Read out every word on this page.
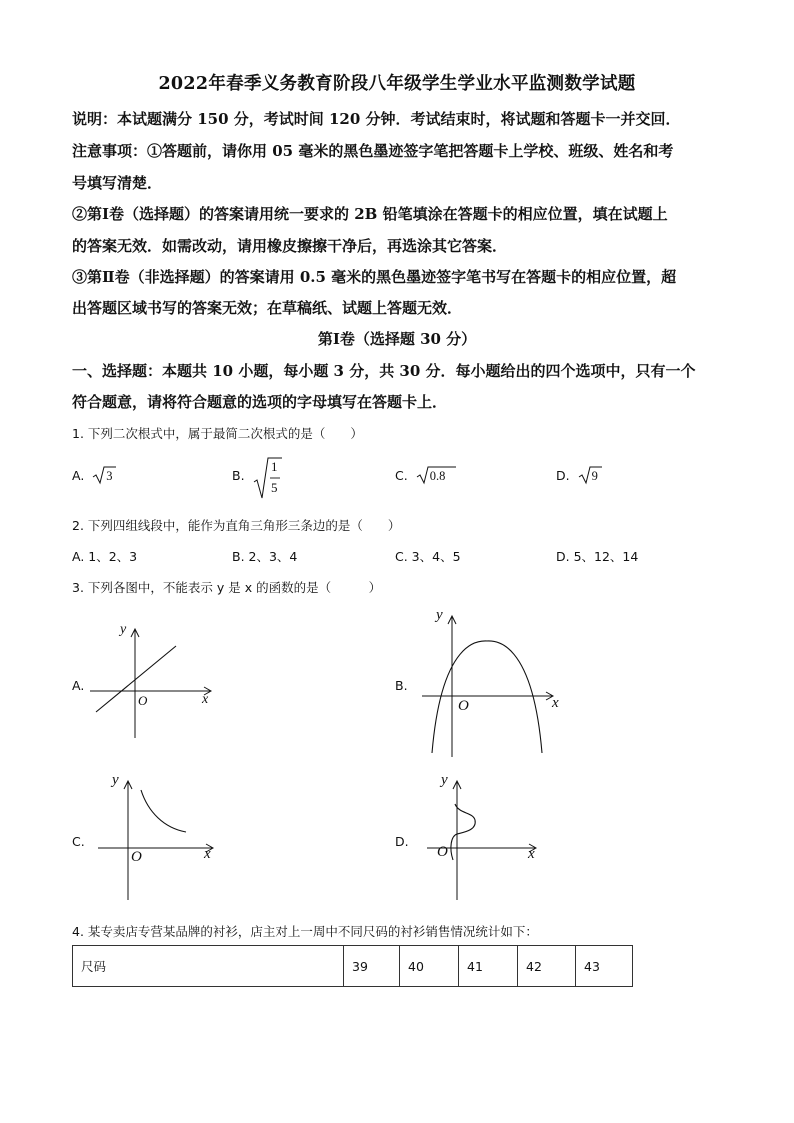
2022年春季义务教育阶段八年级学生学业水平监测数学试题
说明：本试题满分 150 分，考试时间 120 分钟．考试结束时，将试题和答题卡一并交回．
注意事项：①答题前，请你用 05 毫米的黑色墨迹签字笔把答题卡上学校、班级、姓名和考
号填写清楚．
②第Ⅰ卷（选择题）的答案请用统一要求的 2B 铅笔填涂在答题卡的相应位置，填在试题上
的答案无效．如需改动，请用橡皮擦擦干净后，再选涂其它答案．
③第Ⅱ卷（非选择题）的答案请用 0.5 毫米的黑色墨迹签字笔书写在答题卡的相应位置，超
出答题区域书写的答案无效；在草稿纸、试题上答题无效．
第Ⅰ卷（选择题 30 分）
一、选择题：本题共 10 小题，每小题 3 分，共 30 分．每小题给出的四个选项中，只有一个
符合题意，请将符合题意的选项的字母填写在答题卡上．
1. 下列二次根式中，属于最简二次根式的是（　　）
A. 3	B.
1
5
C. 0.8	D. 9
2. 下列四组线段中，能作为直角三角形三条边的是（　　）
A. 1、2、3	B. 2、3、4	C. 3、4、5	D. 5、12、14
3. 下列各图中，不能表示 y 是 x 的函数的是（　　　）
A.
x
y
O
B.
x
y
O
C.
x
y
O
D.
x
y
O
4. 某专卖店专营某品牌的衬衫，店主对上一周中不同尺码的衬衫销售情况统计如下：
尺码	39	40	41	42	43
